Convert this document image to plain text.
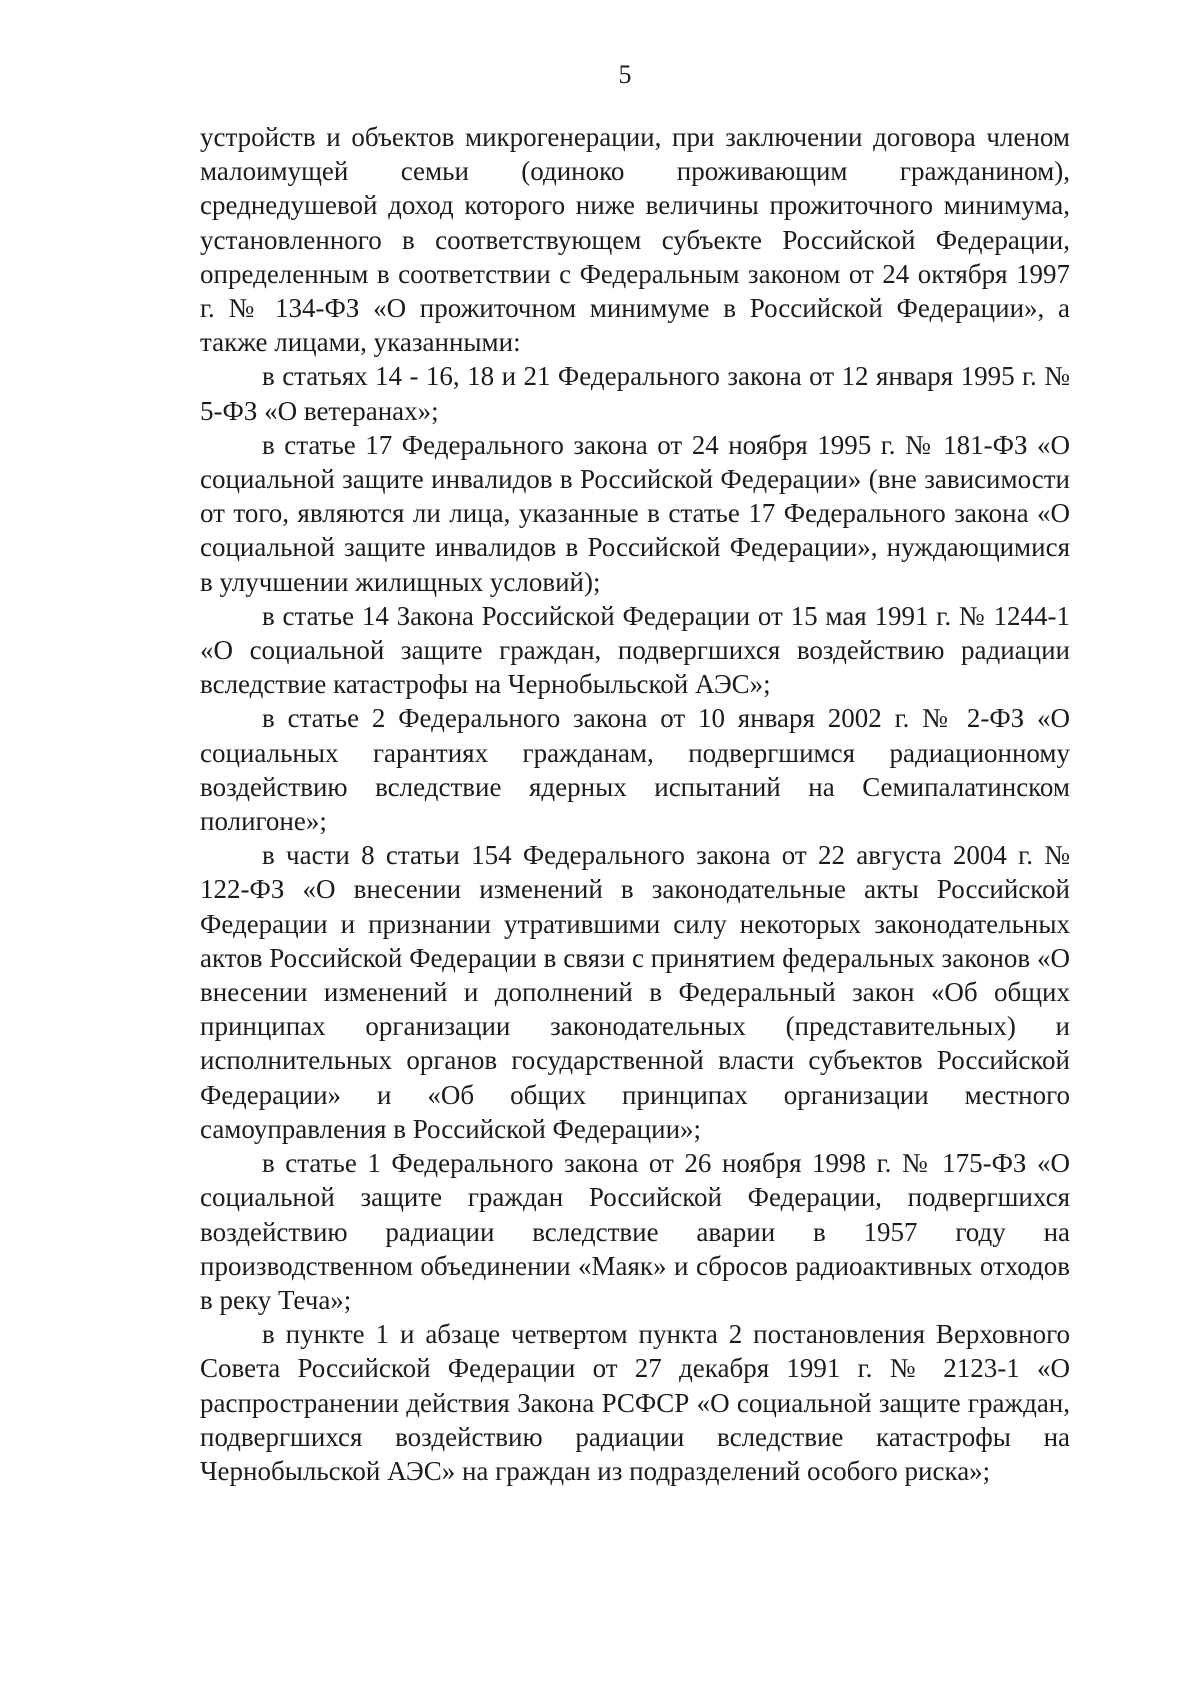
5

устройств и объектов микрогенерации, при заключении договора членом малоимущей семьи (одиноко проживающим гражданином), среднедушевой доход которого ниже величины прожиточного минимума, установленного в соответствующем субъекте Российской Федерации, определенным в соответствии с Федеральным законом от 24 октября 1997 г. № 134-ФЗ «О прожиточном минимуме в Российской Федерации», а также лицами, указанными:

в статьях 14 - 16, 18 и 21 Федерального закона от 12 января 1995 г. № 5-ФЗ «О ветеранах»;

в статье 17 Федерального закона от 24 ноября 1995 г. № 181-ФЗ «О социальной защите инвалидов в Российской Федерации» (вне зависимости от того, являются ли лица, указанные в статье 17 Федерального закона «О социальной защите инвалидов в Российской Федерации», нуждающимися в улучшении жилищных условий);

в статье 14 Закона Российской Федерации от 15 мая 1991 г. № 1244-1 «О социальной защите граждан, подвергшихся воздействию радиации вследствие катастрофы на Чернобыльской АЭС»;

в статье 2 Федерального закона от 10 января 2002 г. № 2-ФЗ «О социальных гарантиях гражданам, подвергшимся радиационному воздействию вследствие ядерных испытаний на Семипалатинском полигоне»;

в части 8 статьи 154 Федерального закона от 22 августа 2004 г. № 122-ФЗ «О внесении изменений в законодательные акты Российской Федерации и признании утратившими силу некоторых законодательных актов Российской Федерации в связи с принятием федеральных законов «О внесении изменений и дополнений в Федеральный закон «Об общих принципах организации законодательных (представительных) и исполнительных органов государственной власти субъектов Российской Федерации» и «Об общих принципах организации местного самоуправления в Российской Федерации»;

в статье 1 Федерального закона от 26 ноября 1998 г. № 175-ФЗ «О социальной защите граждан Российской Федерации, подвергшихся воздействию радиации вследствие аварии в 1957 году на производственном объединении «Маяк» и сбросов радиоактивных отходов в реку Теча»;

в пункте 1 и абзаце четвертом пункта 2 постановления Верховного Совета Российской Федерации от 27 декабря 1991 г. № 2123-1 «О распространении действия Закона РСФСР «О социальной защите граждан, подвергшихся воздействию радиации вследствие катастрофы на Чернобыльской АЭС» на граждан из подразделений особого риска»;
